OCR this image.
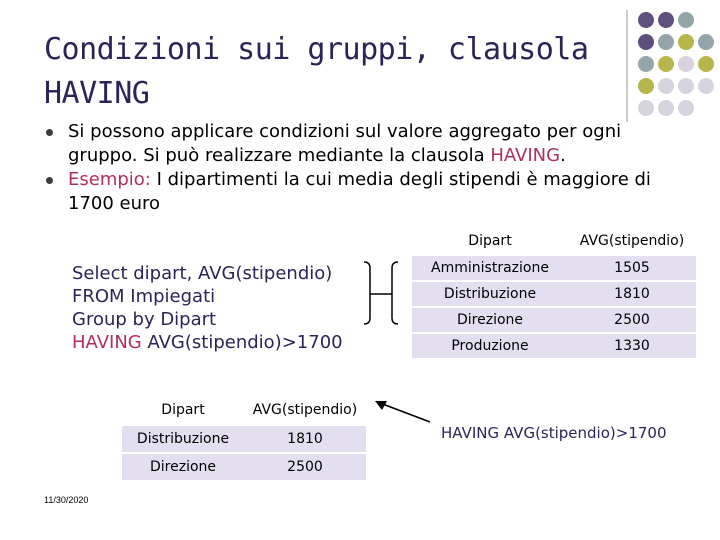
Condizioni sui gruppi, clausola HAVING
Si possono applicare condizioni sul valore aggregato per ogni gruppo. Si può realizzare mediante la clausola HAVING.
Esempio: I dipartimenti la cui media degli stipendi è maggiore di 1700 euro
Select dipart, AVG(stipendio)
FROM Impiegati
Group by Dipart
HAVING AVG(stipendio)>1700
Dipart	AVG(stipendio)
Amministrazione	1505
Distribuzione	1810
Direzione	2500
Produzione	1330
Dipart	AVG(stipendio)
Distribuzione	1810
Direzione	2500
HAVING AVG(stipendio)>1700
11/30/2020
